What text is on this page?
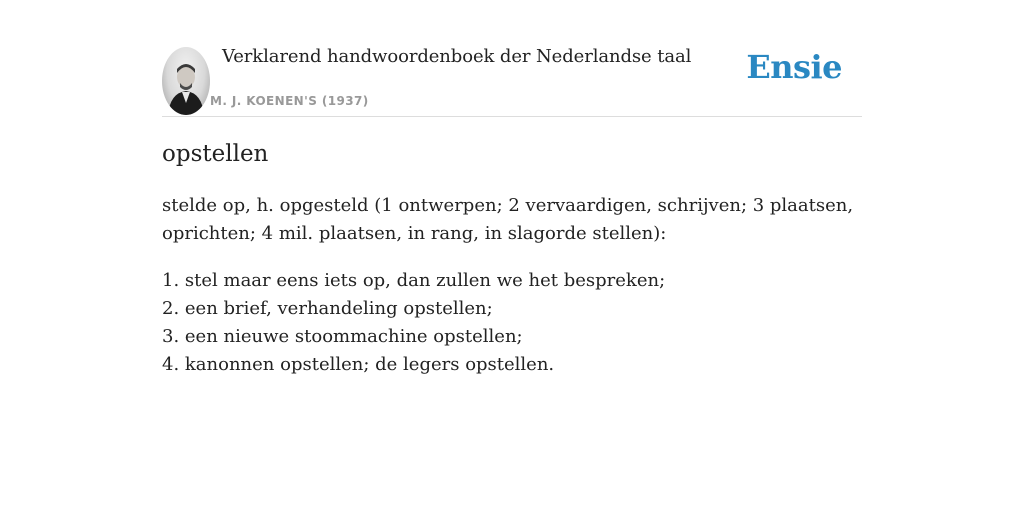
Verklarend handwoordenboek der Nederlandse taal
M. J. KOENEN'S (1937)
Ensie
opstellen

stelde op, h. opgesteld (1 ontwerpen; 2 vervaardigen, schrijven; 3 plaatsen, oprichten; 4 mil. plaatsen, in rang, in slagorde stellen):

1. stel maar eens iets op, dan zullen we het bespreken;
2. een brief, verhandeling opstellen;
3. een nieuwe stoommachine opstellen;
4. kanonnen opstellen; de legers opstellen.
